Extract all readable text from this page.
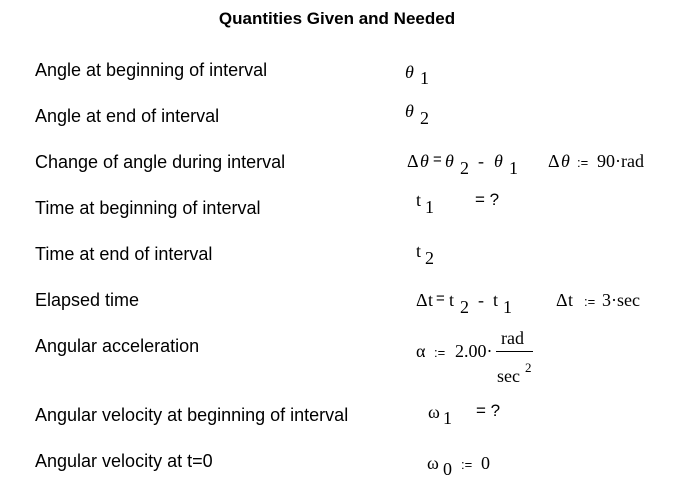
Quantities Given and Needed
Angle at beginning of interval
Angle at end of interval
Change of angle during interval
Time at beginning of interval
Time at end of interval
Elapsed time
Angular acceleration
Angular velocity at beginning of interval
Angular velocity at t=0
θ 1
θ 2
Δ θ = θ 2 - θ 1 Δ θ := 90·rad
t 1 = ?
t 2
Δ t = t 2 - t 1 Δ t := 3·sec
α := 2.00·
rad
sec 2
ω 1 = ?
ω 0 := 0
